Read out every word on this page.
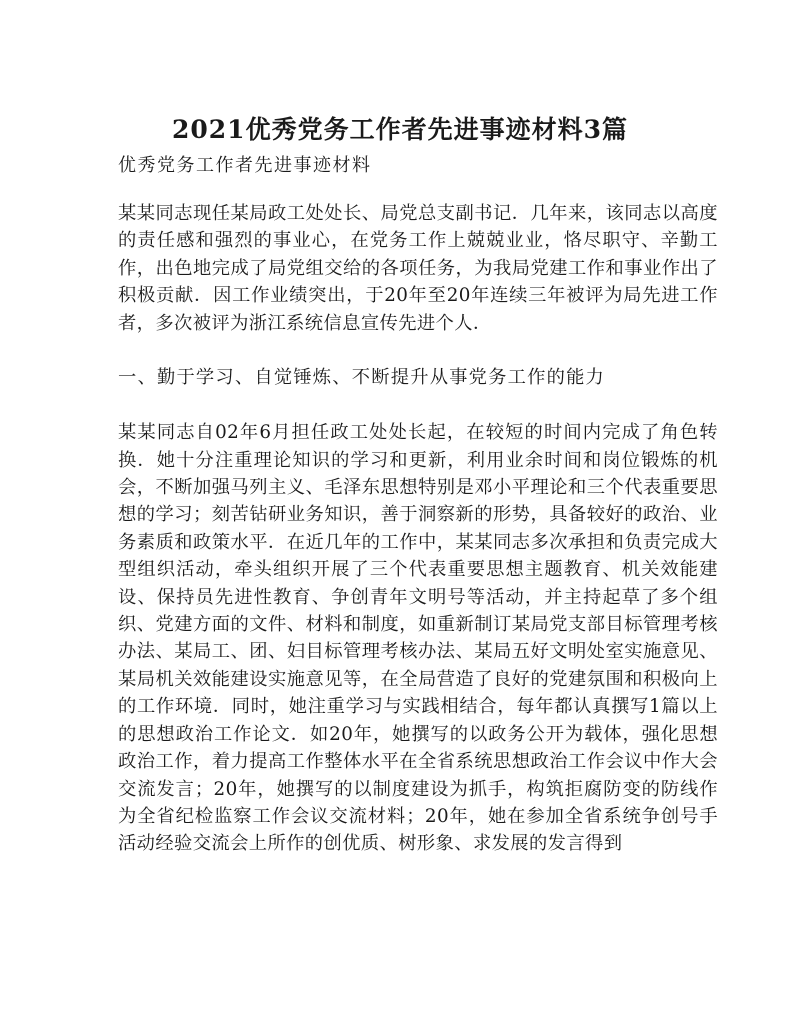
2021优秀党务工作者先进事迹材料3篇
优秀党务工作者先进事迹材料

某某同志现任某局政工处处长、局党总支副书记．几年来，该同志以高度的责任感和强烈的事业心，在党务工作上兢兢业业，恪尽职守、辛勤工作，出色地完成了局党组交给的各项任务，为我局党建工作和事业作出了积极贡献．因工作业绩突出，于20年至20年连续三年被评为局先进工作者，多次被评为浙江系统信息宣传先进个人．

一、勤于学习、自觉锤炼、不断提升从事党务工作的能力

某某同志自02年6月担任政工处处长起，在较短的时间内完成了角色转换．她十分注重理论知识的学习和更新，利用业余时间和岗位锻炼的机会，不断加强马列主义、毛泽东思想特别是邓小平理论和三个代表重要思想的学习；刻苦钻研业务知识，善于洞察新的形势，具备较好的政治、业务素质和政策水平．在近几年的工作中，某某同志多次承担和负责完成大型组织活动，牵头组织开展了三个代表重要思想主题教育、机关效能建设、保持员先进性教育、争创青年文明号等活动，并主持起草了多个组织、党建方面的文件、材料和制度，如重新制订某局党支部目标管理考核办法、某局工、团、妇目标管理考核办法、某局五好文明处室实施意见、某局机关效能建设实施意见等，在全局营造了良好的党建氛围和积极向上的工作环境．同时，她注重学习与实践相结合，每年都认真撰写1篇以上的思想政治工作论文．如20年，她撰写的以政务公开为载体，强化思想政治工作，着力提高工作整体水平在全省系统思想政治工作会议中作大会交流发言；20年，她撰写的以制度建设为抓手，构筑拒腐防变的防线作为全省纪检监察工作会议交流材料；20年，她在参加全省系统争创号手活动经验交流会上所作的创优质、树形象、求发展的发言得到
